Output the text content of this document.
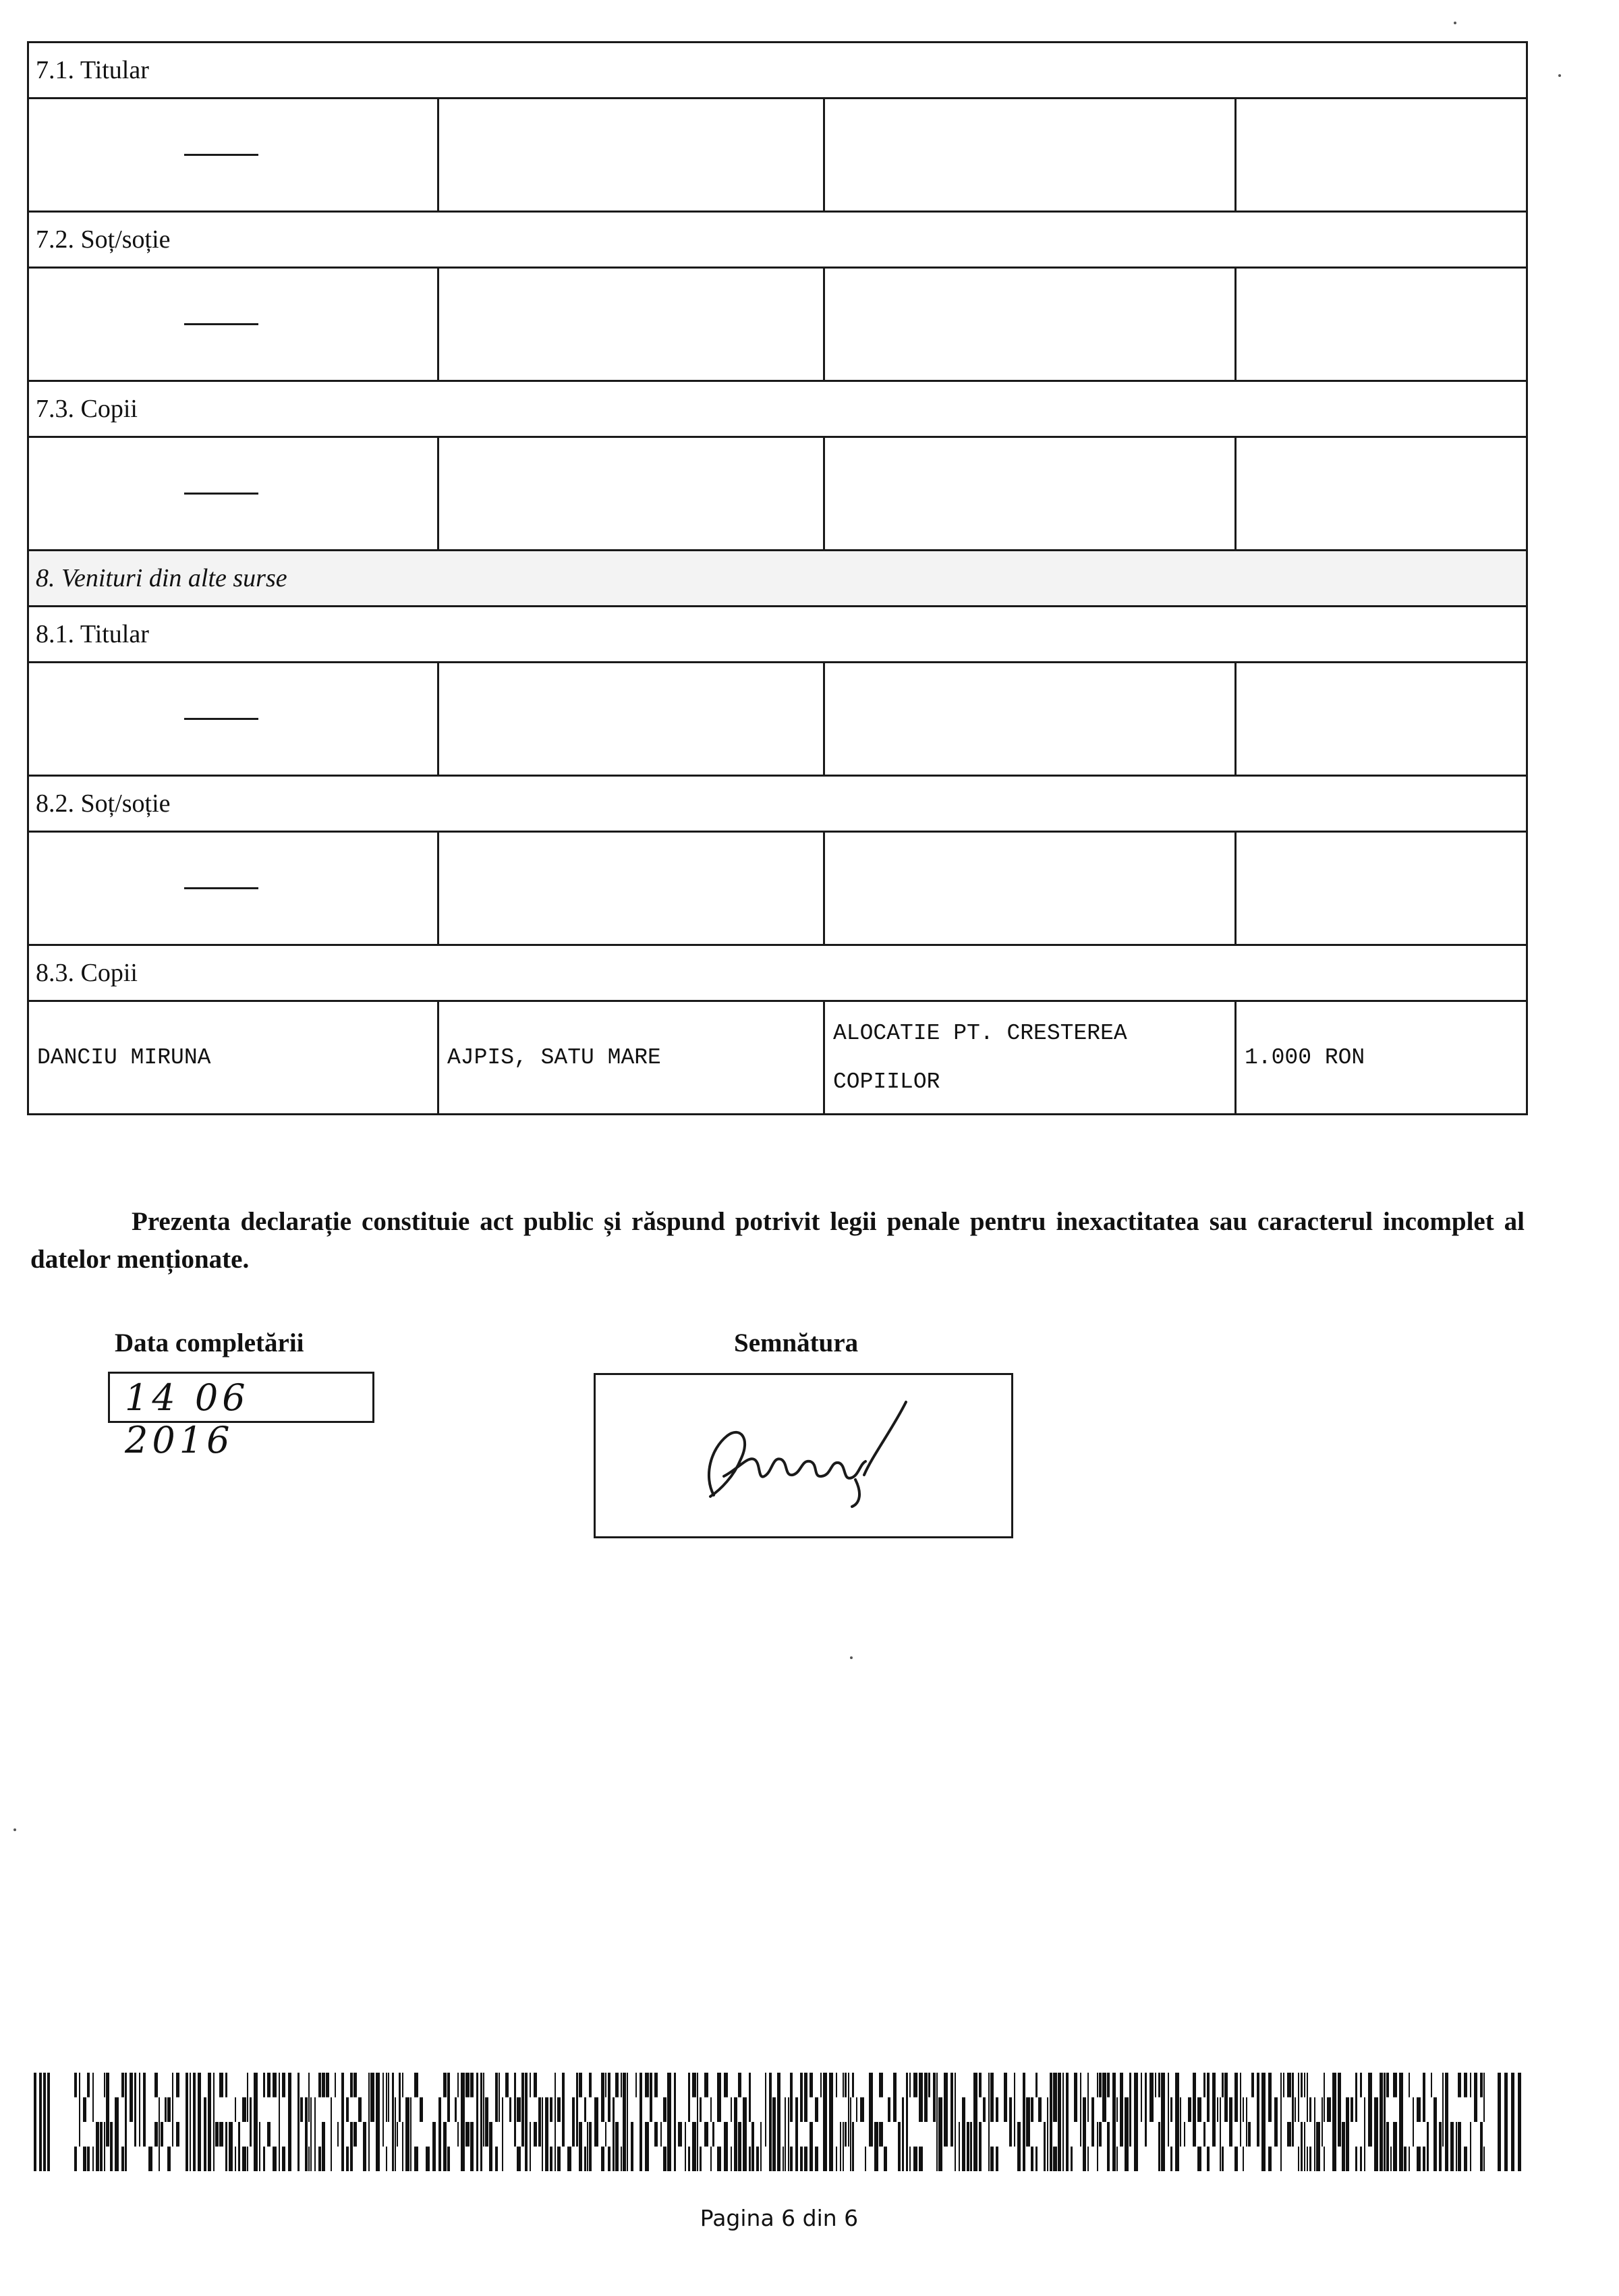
7.1. Titular			

7.2. Soț/soție			

7.3. Copii			

8. Venituri din alte surse			
8.1. Titular			

8.2. Soț/soție			

8.3. Copii			

DANCIU MIRUNA	AJPIS, SATU MARE	ALOCATIE PT. CRESTEREA COPIILOR	1.000 RON
Prezenta declarație constituie act public și răspund potrivit legii penale pentru inexactitatea sau caracterul incomplet al datelor menționate.
Data completării
14 06 2016
Semnătura
Pagina 6 din 6
